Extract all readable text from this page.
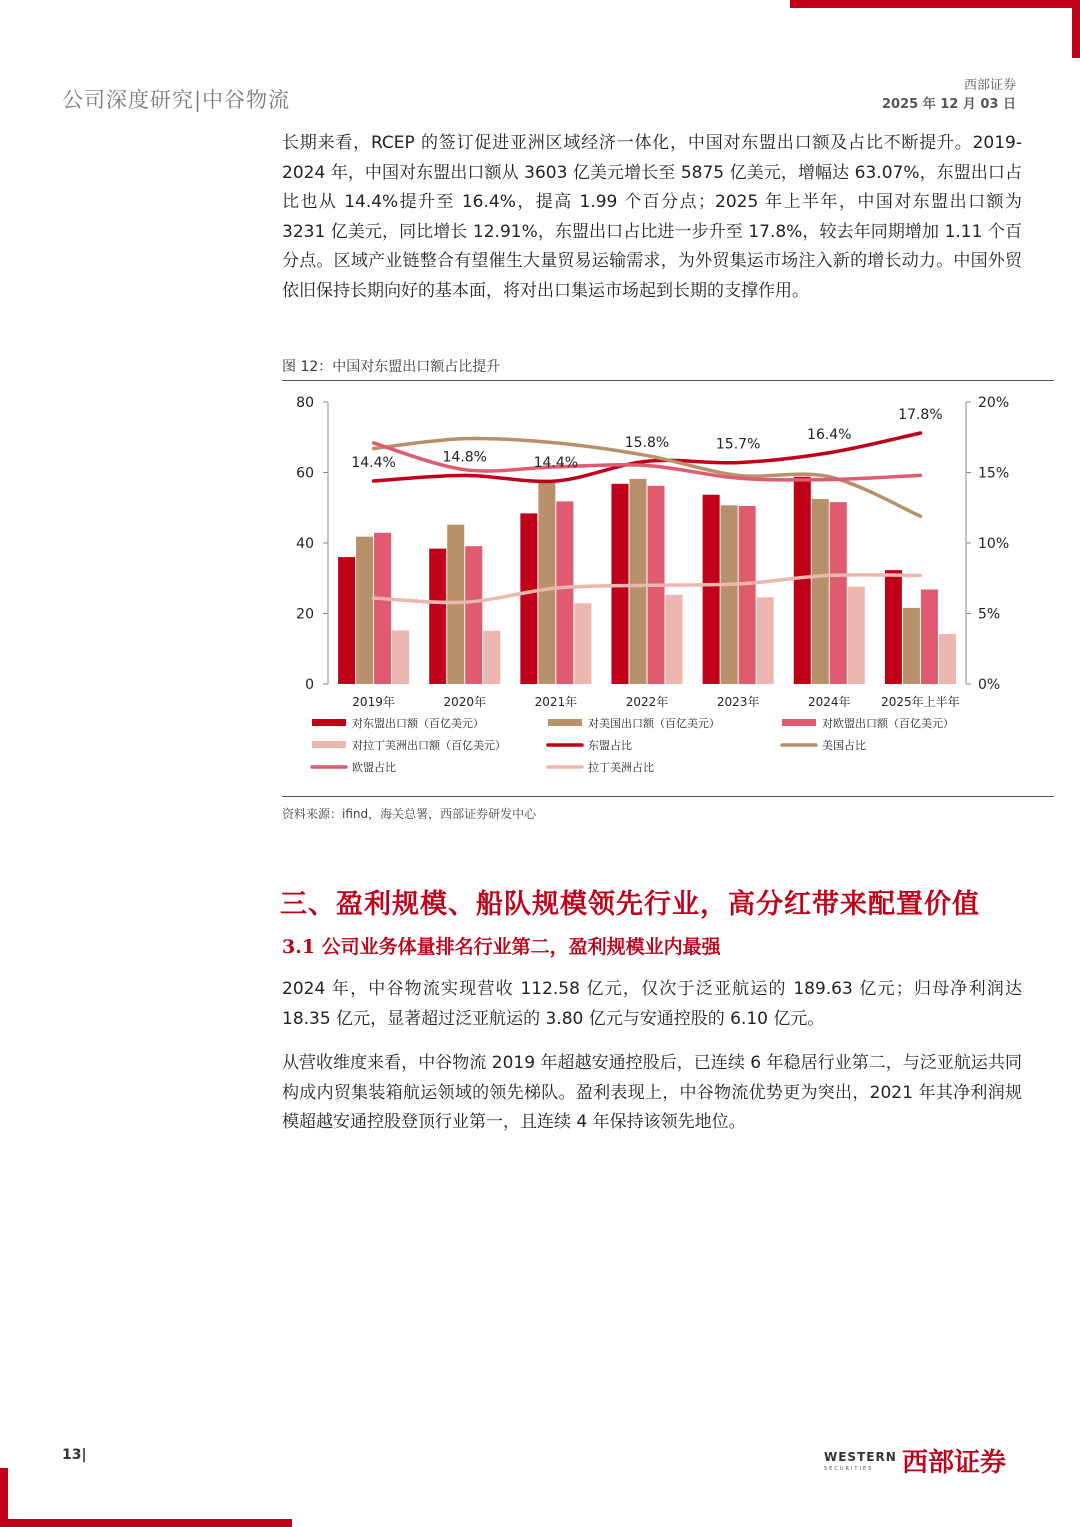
公司深度研究|中谷物流
西部证券
2025 年 12 月 03 日
长期来看，RCEP 的签订促进亚洲区域经济一体化，中国对东盟出口额及占比不断提升。2019-2024 年，中国对东盟出口额从 3603 亿美元增长至 5875 亿美元，增幅达 63.07%，东盟出口占比也从 14.4%提升至 16.4%，提高 1.99 个百分点；2025 年上半年，中国对东盟出口额为 3231 亿美元，同比增长 12.91%，东盟出口占比进一步升至 17.8%，较去年同期增加 1.11 个百分点。区域产业链整合有望催生大量贸易运输需求，为外贸集运市场注入新的增长动力。中国外贸依旧保持长期向好的基本面，将对出口集运市场起到长期的支撑作用。
图 12：中国对东盟出口额占比提升
0
20
40
60
80
0%
5%
10%
15%
20%
14.4%	14.8%	14.4%
15.8%	15.7%
16.4%
17.8%
2019年	2020年	2021年	2022年	2023年	2024年	2025年上半年
对东盟出口额（百亿美元）	对美国出口额（百亿美元）	对欧盟出口额（百亿美元）
对拉丁美洲出口额（百亿美元）	东盟占比	美国占比
欧盟占比	拉丁美洲占比
资料来源：ifind，海关总署，西部证券研发中心
三、盈利规模、船队规模领先行业，高分红带来配置价值
3.1 公司业务体量排名行业第二，盈利规模业内最强
2024 年，中谷物流实现营收 112.58 亿元，仅次于泛亚航运的 189.63 亿元；归母净利润达 18.35 亿元，显著超过泛亚航运的 3.80 亿元与安通控股的 6.10 亿元。
从营收维度来看，中谷物流 2019 年超越安通控股后，已连续 6 年稳居行业第二，与泛亚航运共同构成内贸集装箱航运领域的领先梯队。盈利表现上，中谷物流优势更为突出，2021 年其净利润规模超越安通控股登顶行业第一，且连续 4 年保持该领先地位。
13|	WESTERN
SECURITIES 西部证券
